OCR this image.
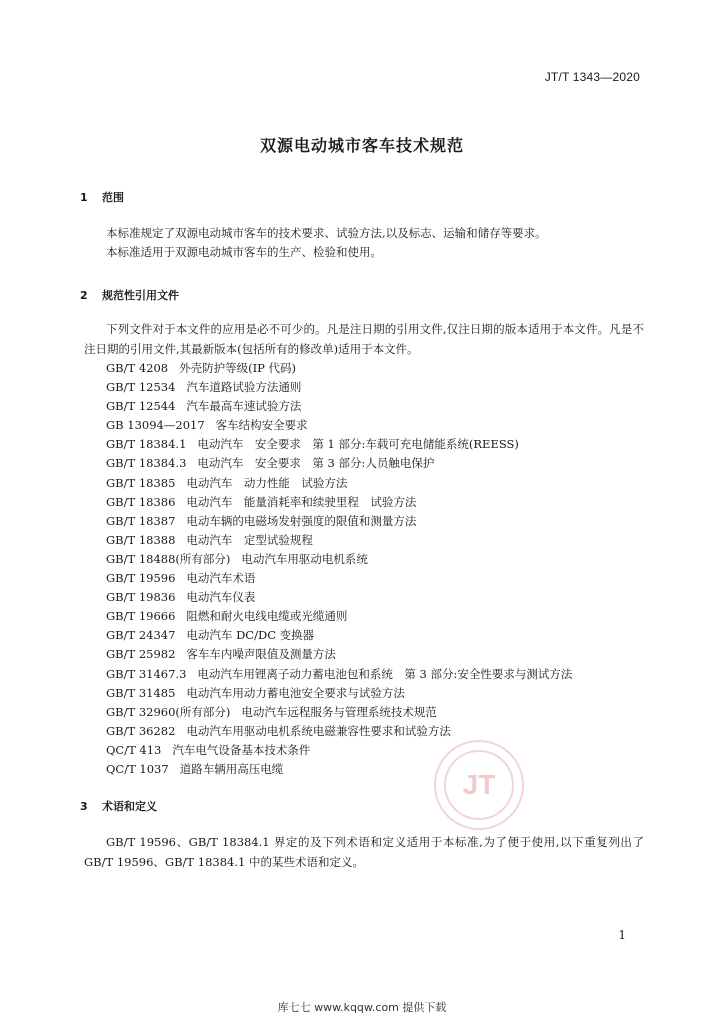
JT/T 1343—2020
双源电动城市客车技术规范
1 范围

本标准规定了双源电动城市客车的技术要求、试验方法,以及标志、运输和储存等要求。

本标准适用于双源电动城市客车的生产、检验和使用。

2 规范性引用文件

下列文件对于本文件的应用是必不可少的。凡是注日期的引用文件,仅注日期的版本适用于本文件。凡是不注日期的引用文件,其最新版本(包括所有的修改单)适用于本文件。

GB/T 4208 外壳防护等级(IP 代码)
GB/T 12534 汽车道路试验方法通则
GB/T 12544 汽车最高车速试验方法
GB 13094—2017 客车结构安全要求
GB/T 18384.1 电动汽车　安全要求　第 1 部分:车载可充电储能系统(REESS)
GB/T 18384.3 电动汽车　安全要求　第 3 部分:人员触电保护
GB/T 18385 电动汽车　动力性能　试验方法
GB/T 18386 电动汽车　能量消耗率和续驶里程　试验方法
GB/T 18387 电动车辆的电磁场发射强度的限值和测量方法
GB/T 18388 电动汽车　定型试验规程
GB/T 18488(所有部分) 电动汽车用驱动电机系统
GB/T 19596 电动汽车术语
GB/T 19836 电动汽车仪表
GB/T 19666 阻燃和耐火电线电缆或光缆通则
GB/T 24347 电动汽车 DC/DC 变换器
GB/T 25982 客车车内噪声限值及测量方法
GB/T 31467.3 电动汽车用锂离子动力蓄电池包和系统　第 3 部分:安全性要求与测试方法
GB/T 31485 电动汽车用动力蓄电池安全要求与试验方法
GB/T 32960(所有部分) 电动汽车远程服务与管理系统技术规范
GB/T 36282 电动汽车用驱动电机系统电磁兼容性要求和试验方法
QC/T 413 汽车电气设备基本技术条件
QC/T 1037 道路车辆用高压电缆
JT
3 术语和定义

GB/T 19596、GB/T 18384.1 界定的及下列术语和定义适用于本标准,为了便于使用,以下重复列出了 GB/T 19596、GB/T 18384.1 中的某些术语和定义。

1
库七七 www.kqqw.com 提供下载
